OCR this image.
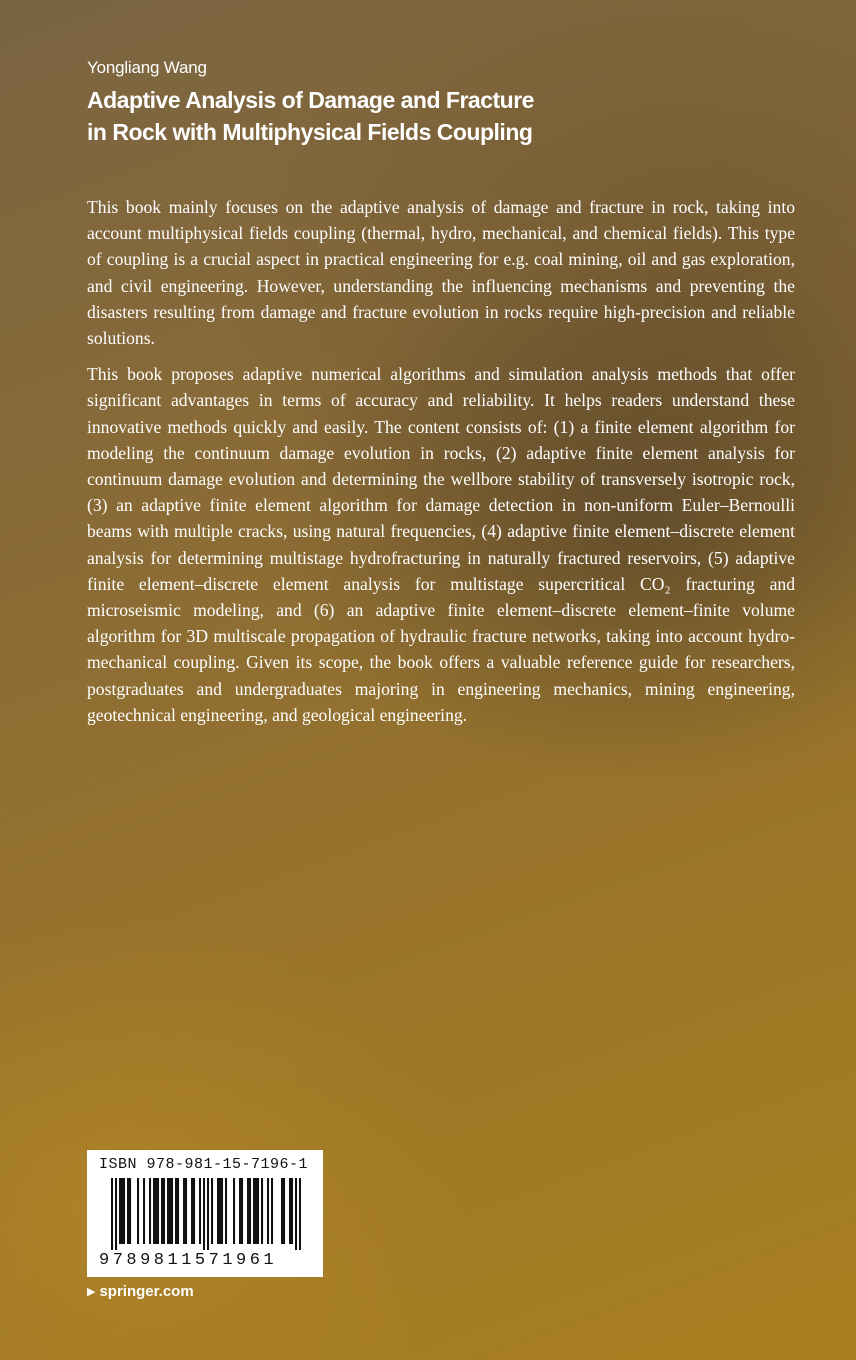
Yongliang Wang
Adaptive Analysis of Damage and Fracture
in Rock with Multiphysical Fields Coupling

This book mainly focuses on the adaptive analysis of damage and fracture in rock, taking into account multiphysical fields coupling (thermal, hydro, mechanical, and chemical fields). This type of coupling is a crucial aspect in practical engineering for e.g. coal mining, oil and gas exploration, and civil engineering. However, understanding the influencing mechanisms and preventing the disasters resulting from damage and fracture evolution in rocks require high-precision and reliable solutions.

This book proposes adaptive numerical algorithms and simulation analysis methods that offer significant advantages in terms of accuracy and reliability. It helps readers understand these innovative methods quickly and easily. The content consists of: (1) a finite element algorithm for modeling the continuum damage evolution in rocks, (2) adaptive finite element analysis for continuum damage evolution and determining the wellbore stability of transversely isotropic rock, (3) an adaptive finite element algorithm for damage detection in non-uniform Euler–Bernoulli beams with multiple cracks, using natural frequencies, (4) adaptive finite element–discrete element analysis for determining multistage hydrofracturing in naturally fractured reservoirs, (5) adaptive finite element–discrete element analysis for multistage supercritical CO₂ fracturing and microseismic modeling, and (6) an adaptive finite element–discrete element–finite volume algorithm for 3D multiscale propagation of hydraulic fracture networks, taking into account hydro-mechanical coupling. Given its scope, the book offers a valuable reference guide for researchers, postgraduates and undergraduates majoring in engineering mechanics, mining engineering, geotechnical engineering, and geological engineering.

ISBN 978-981-15-7196-1
9789811571961
▶ springer.com
